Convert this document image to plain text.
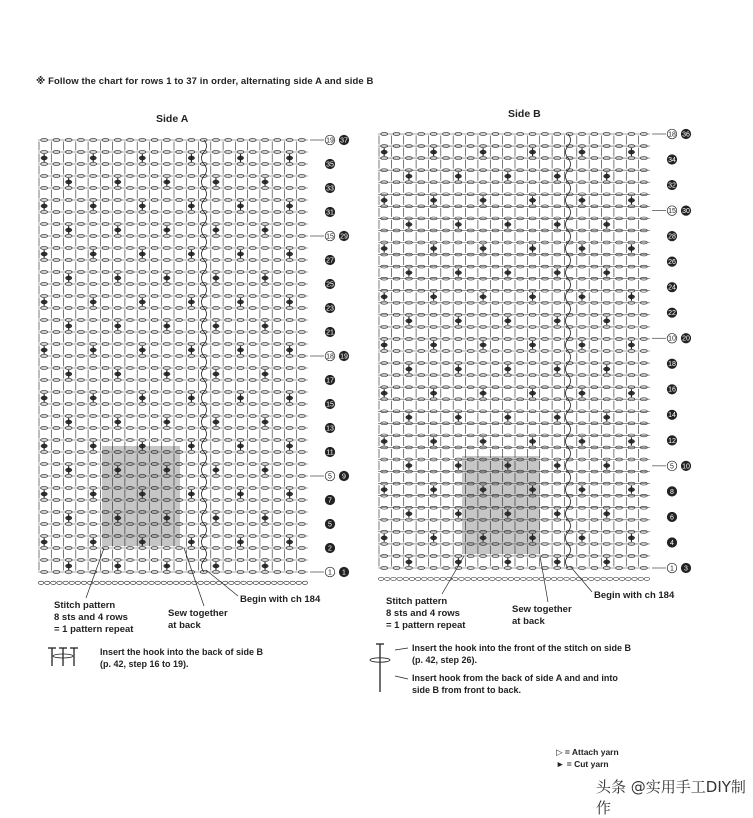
※ Follow the chart for rows 1 to 37 in order, alternating side A and side B
Side A	Side B
19 37
35
33
31
15 29
27
25
23
21
18 19
17
15
13
11
5 9
7
5
2
1 1
18 36
34
32
15 30
28
26
24
22
10 20
18
16
14
12
5 10
8
6
4
1 3
Stitch pattern
8 sts and 4 rows
= 1 pattern repeat
Sew together
at back
Begin with ch 184	Stitch pattern
8 sts and 4 rows
= 1 pattern repeat
Sew together
at back
Begin with ch 184
Insert the hook into the back of side B
(p. 42, step 16 to 19).
Insert the hook into the front of the stitch on side B
(p. 42, step 26).
Insert hook from the back of side A and and into
side B from front to back.
▷ = Attach yarn
► = Cut yarn
头条 @实用手工DIY制作
